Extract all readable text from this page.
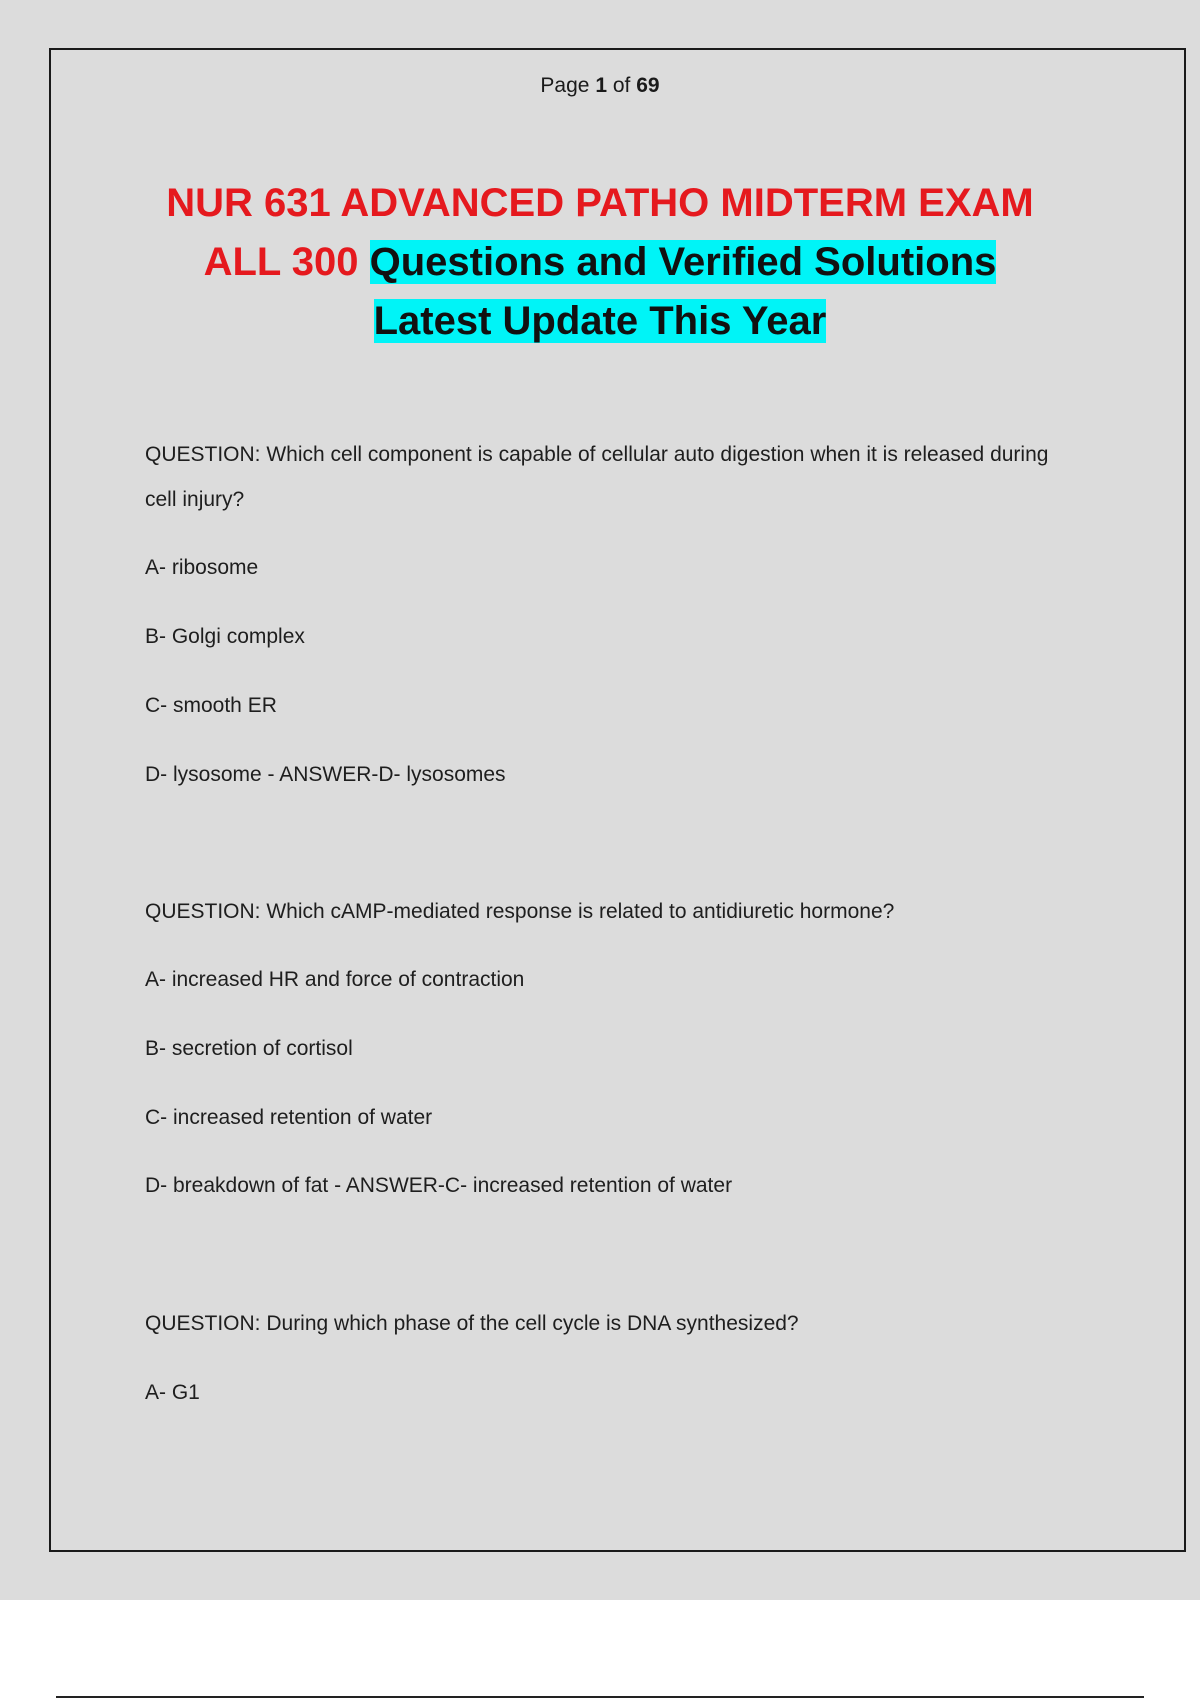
Page 1 of 69
NUR 631 ADVANCED PATHO MIDTERM EXAM
ALL 300 Questions and Verified Solutions
Latest Update This Year

QUESTION: Which cell component is capable of cellular auto digestion when it is released during cell injury?

A- ribosome

B- Golgi complex

C- smooth ER

D- lysosome - ANSWER-D- lysosomes

QUESTION: Which cAMP-mediated response is related to antidiuretic hormone?

A- increased HR and force of contraction

B- secretion of cortisol

C- increased retention of water

D- breakdown of fat - ANSWER-C- increased retention of water

QUESTION: During which phase of the cell cycle is DNA synthesized?

A- G1
